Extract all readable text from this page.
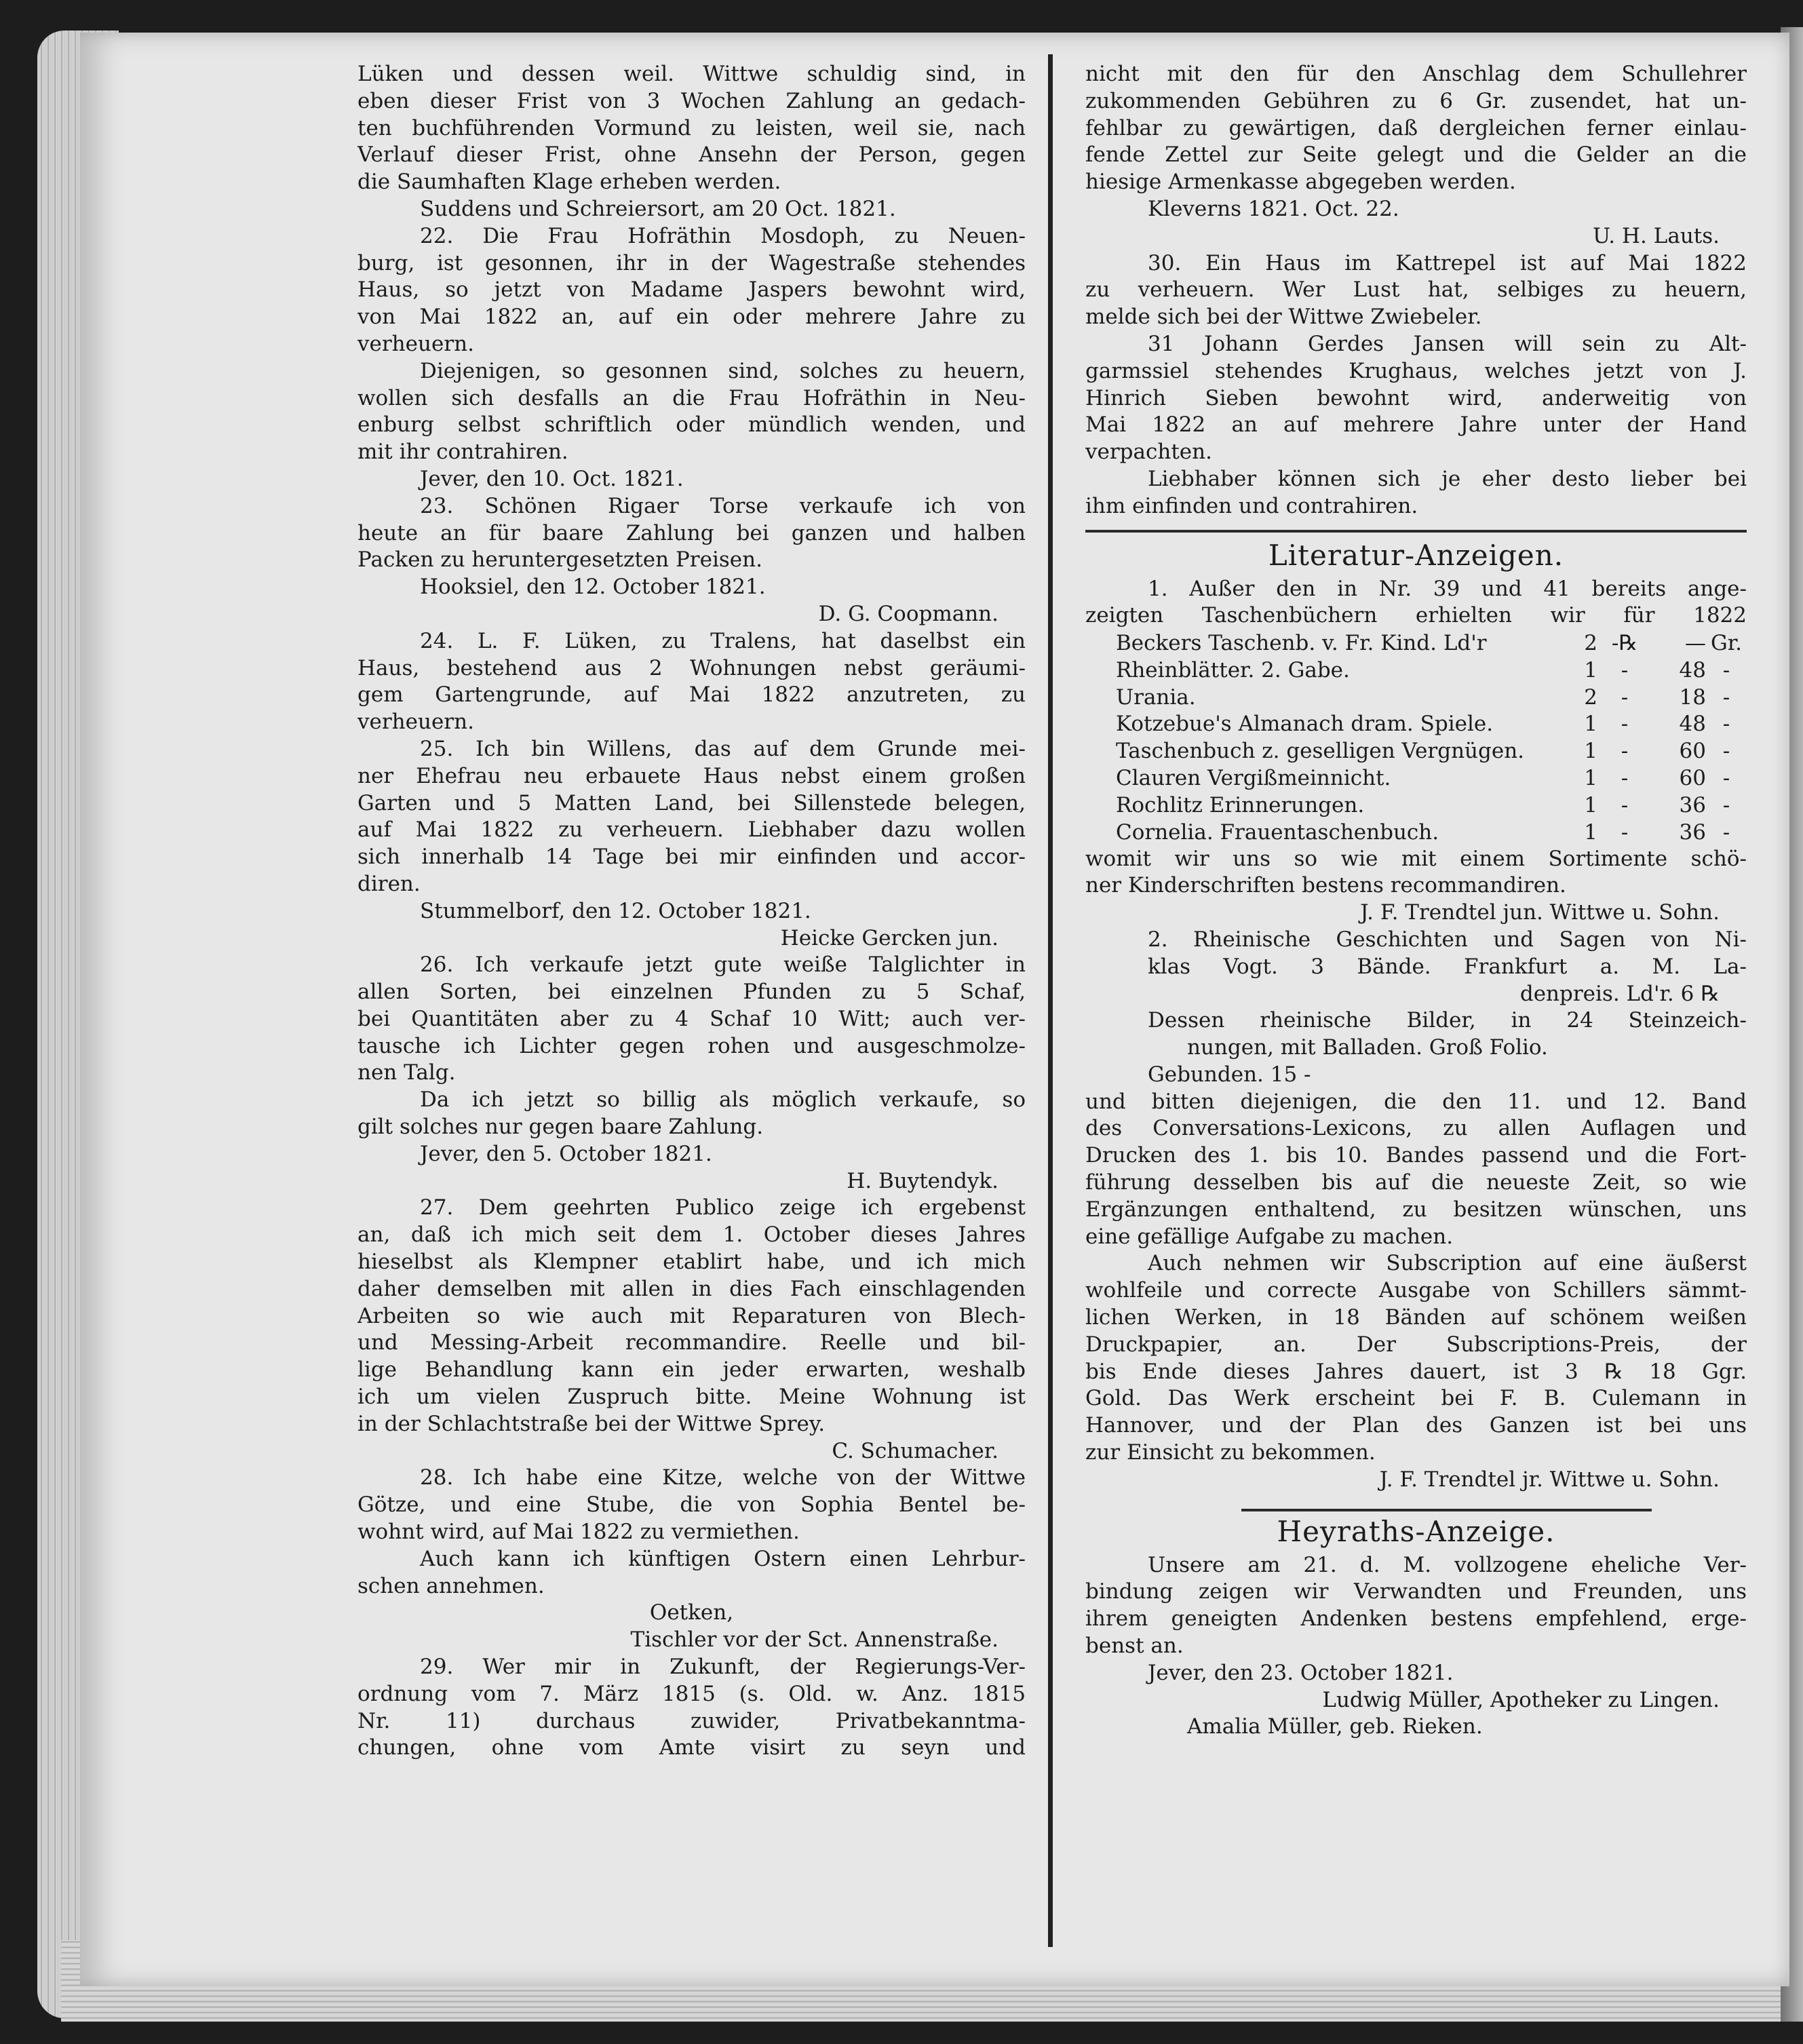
Lüken und dessen weil. Wittwe schuldig sind, in
eben dieser Frist von 3 Wochen Zahlung an gedach-
ten buchführenden Vormund zu leisten, weil sie, nach
Verlauf dieser Frist, ohne Ansehn der Person, gegen
die Saumhaften Klage erheben werden.
Suddens und Schreiersort, am 20 Oct. 1821.
22. Die Frau Hofräthin Mosdoph, zu Neuen-
burg, ist gesonnen, ihr in der Wagestraße stehendes
Haus, so jetzt von Madame Jaspers bewohnt wird,
von Mai 1822 an, auf ein oder mehrere Jahre zu
verheuern.
Diejenigen, so gesonnen sind, solches zu heuern,
wollen sich desfalls an die Frau Hofräthin in Neu-
enburg selbst schriftlich oder mündlich wenden, und
mit ihr contrahiren.
Jever, den 10. Oct. 1821.
23. Schönen Rigaer Torse verkaufe ich von
heute an für baare Zahlung bei ganzen und halben
Packen zu heruntergesetzten Preisen.
Hooksiel, den 12. October 1821.
D. G. Coopmann.
24. L. F. Lüken, zu Tralens, hat daselbst ein
Haus, bestehend aus 2 Wohnungen nebst geräumi-
gem Gartengrunde, auf Mai 1822 anzutreten, zu
verheuern.
25. Ich bin Willens, das auf dem Grunde mei-
ner Ehefrau neu erbauete Haus nebst einem großen
Garten und 5 Matten Land, bei Sillenstede belegen,
auf Mai 1822 zu verheuern. Liebhaber dazu wollen
sich innerhalb 14 Tage bei mir einfinden und accor-
diren.
Stummelborf, den 12. October 1821.
Heicke Gercken jun.
26. Ich verkaufe jetzt gute weiße Talglichter in
allen Sorten, bei einzelnen Pfunden zu 5 Schaf,
bei Quantitäten aber zu 4 Schaf 10 Witt; auch ver-
tausche ich Lichter gegen rohen und ausgeschmolze-
nen Talg.
Da ich jetzt so billig als möglich verkaufe, so
gilt solches nur gegen baare Zahlung.
Jever, den 5. October 1821.
H. Buytendyk.
27. Dem geehrten Publico zeige ich ergebenst
an, daß ich mich seit dem 1. October dieses Jahres
hieselbst als Klempner etablirt habe, und ich mich
daher demselben mit allen in dies Fach einschlagenden
Arbeiten so wie auch mit Reparaturen von Blech-
und Messing-Arbeit recommandire. Reelle und bil-
lige Behandlung kann ein jeder erwarten, weshalb
ich um vielen Zuspruch bitte. Meine Wohnung ist
in der Schlachtstraße bei der Wittwe Sprey.
C. Schumacher.
28. Ich habe eine Kitze, welche von der Wittwe
Götze, und eine Stube, die von Sophia Bentel be-
wohnt wird, auf Mai 1822 zu vermiethen.
Auch kann ich künftigen Ostern einen Lehrbur-
schen annehmen.
Oetken,
Tischler vor der Sct. Annenstraße.
29. Wer mir in Zukunft, der Regierungs-Ver-
ordnung vom 7. März 1815 (s. Old. w. Anz. 1815
Nr. 11) durchaus zuwider, Privatbekanntma-
chungen, ohne vom Amte visirt zu seyn und
nicht mit den für den Anschlag dem Schullehrer
zukommenden Gebühren zu 6 Gr. zusendet, hat un-
fehlbar zu gewärtigen, daß dergleichen ferner einlau-
fende Zettel zur Seite gelegt und die Gelder an die
hiesige Armenkasse abgegeben werden.
Kleverns 1821. Oct. 22.
U. H. Lauts.
30. Ein Haus im Kattrepel ist auf Mai 1822
zu verheuern. Wer Lust hat, selbiges zu heuern,
melde sich bei der Wittwe Zwiebeler.
31 Johann Gerdes Jansen will sein zu Alt-
garmssiel stehendes Krughaus, welches jetzt von J.
Hinrich Sieben bewohnt wird, anderweitig von
Mai 1822 an auf mehrere Jahre unter der Hand
verpachten.
Liebhaber können sich je eher desto lieber bei
ihm einfinden und contrahiren.
Literatur-Anzeigen.
1. Außer den in Nr. 39 und 41 bereits ange-
zeigten Taschenbüchern erhielten wir für 1822
Beckers Taschenb. v. Fr. Kind. Ld'r	2	-℞	—	Gr.
Rheinblätter. 2. Gabe.	1	-	48	-
Urania.	2	-	18	-
Kotzebue's Almanach dram. Spiele.	1	-	48	-
Taschenbuch z. geselligen Vergnügen.	1	-	60	-
Clauren Vergißmeinnicht.	1	-	60	-
Rochlitz Erinnerungen.	1	-	36	-
Cornelia. Frauentaschenbuch.	1	-	36	-
womit wir uns so wie mit einem Sortimente schö-
ner Kinderschriften bestens recommandiren.
J. F. Trendtel jun. Wittwe u. Sohn.
2. Rheinische Geschichten und Sagen von Ni-
klas Vogt. 3 Bände. Frankfurt a. M. La-
denpreis. Ld'r. 6 ℞
Dessen rheinische Bilder, in 24 Steinzeich-
nungen, mit Balladen. Groß Folio.
Gebunden. 15 -
und bitten diejenigen, die den 11. und 12. Band
des Conversations-Lexicons, zu allen Auflagen und
Drucken des 1. bis 10. Bandes passend und die Fort-
führung desselben bis auf die neueste Zeit, so wie
Ergänzungen enthaltend, zu besitzen wünschen, uns
eine gefällige Aufgabe zu machen.
Auch nehmen wir Subscription auf eine äußerst
wohlfeile und correcte Ausgabe von Schillers sämmt-
lichen Werken, in 18 Bänden auf schönem weißen
Druckpapier, an. Der Subscriptions-Preis, der
bis Ende dieses Jahres dauert, ist 3 ℞ 18 Ggr.
Gold. Das Werk erscheint bei F. B. Culemann in
Hannover, und der Plan des Ganzen ist bei uns
zur Einsicht zu bekommen.
J. F. Trendtel jr. Wittwe u. Sohn.
Heyraths-Anzeige.
Unsere am 21. d. M. vollzogene eheliche Ver-
bindung zeigen wir Verwandten und Freunden, uns
ihrem geneigten Andenken bestens empfehlend, erge-
benst an.
Jever, den 23. October 1821.
Ludwig Müller, Apotheker zu Lingen.
Amalia Müller, geb. Rieken.
